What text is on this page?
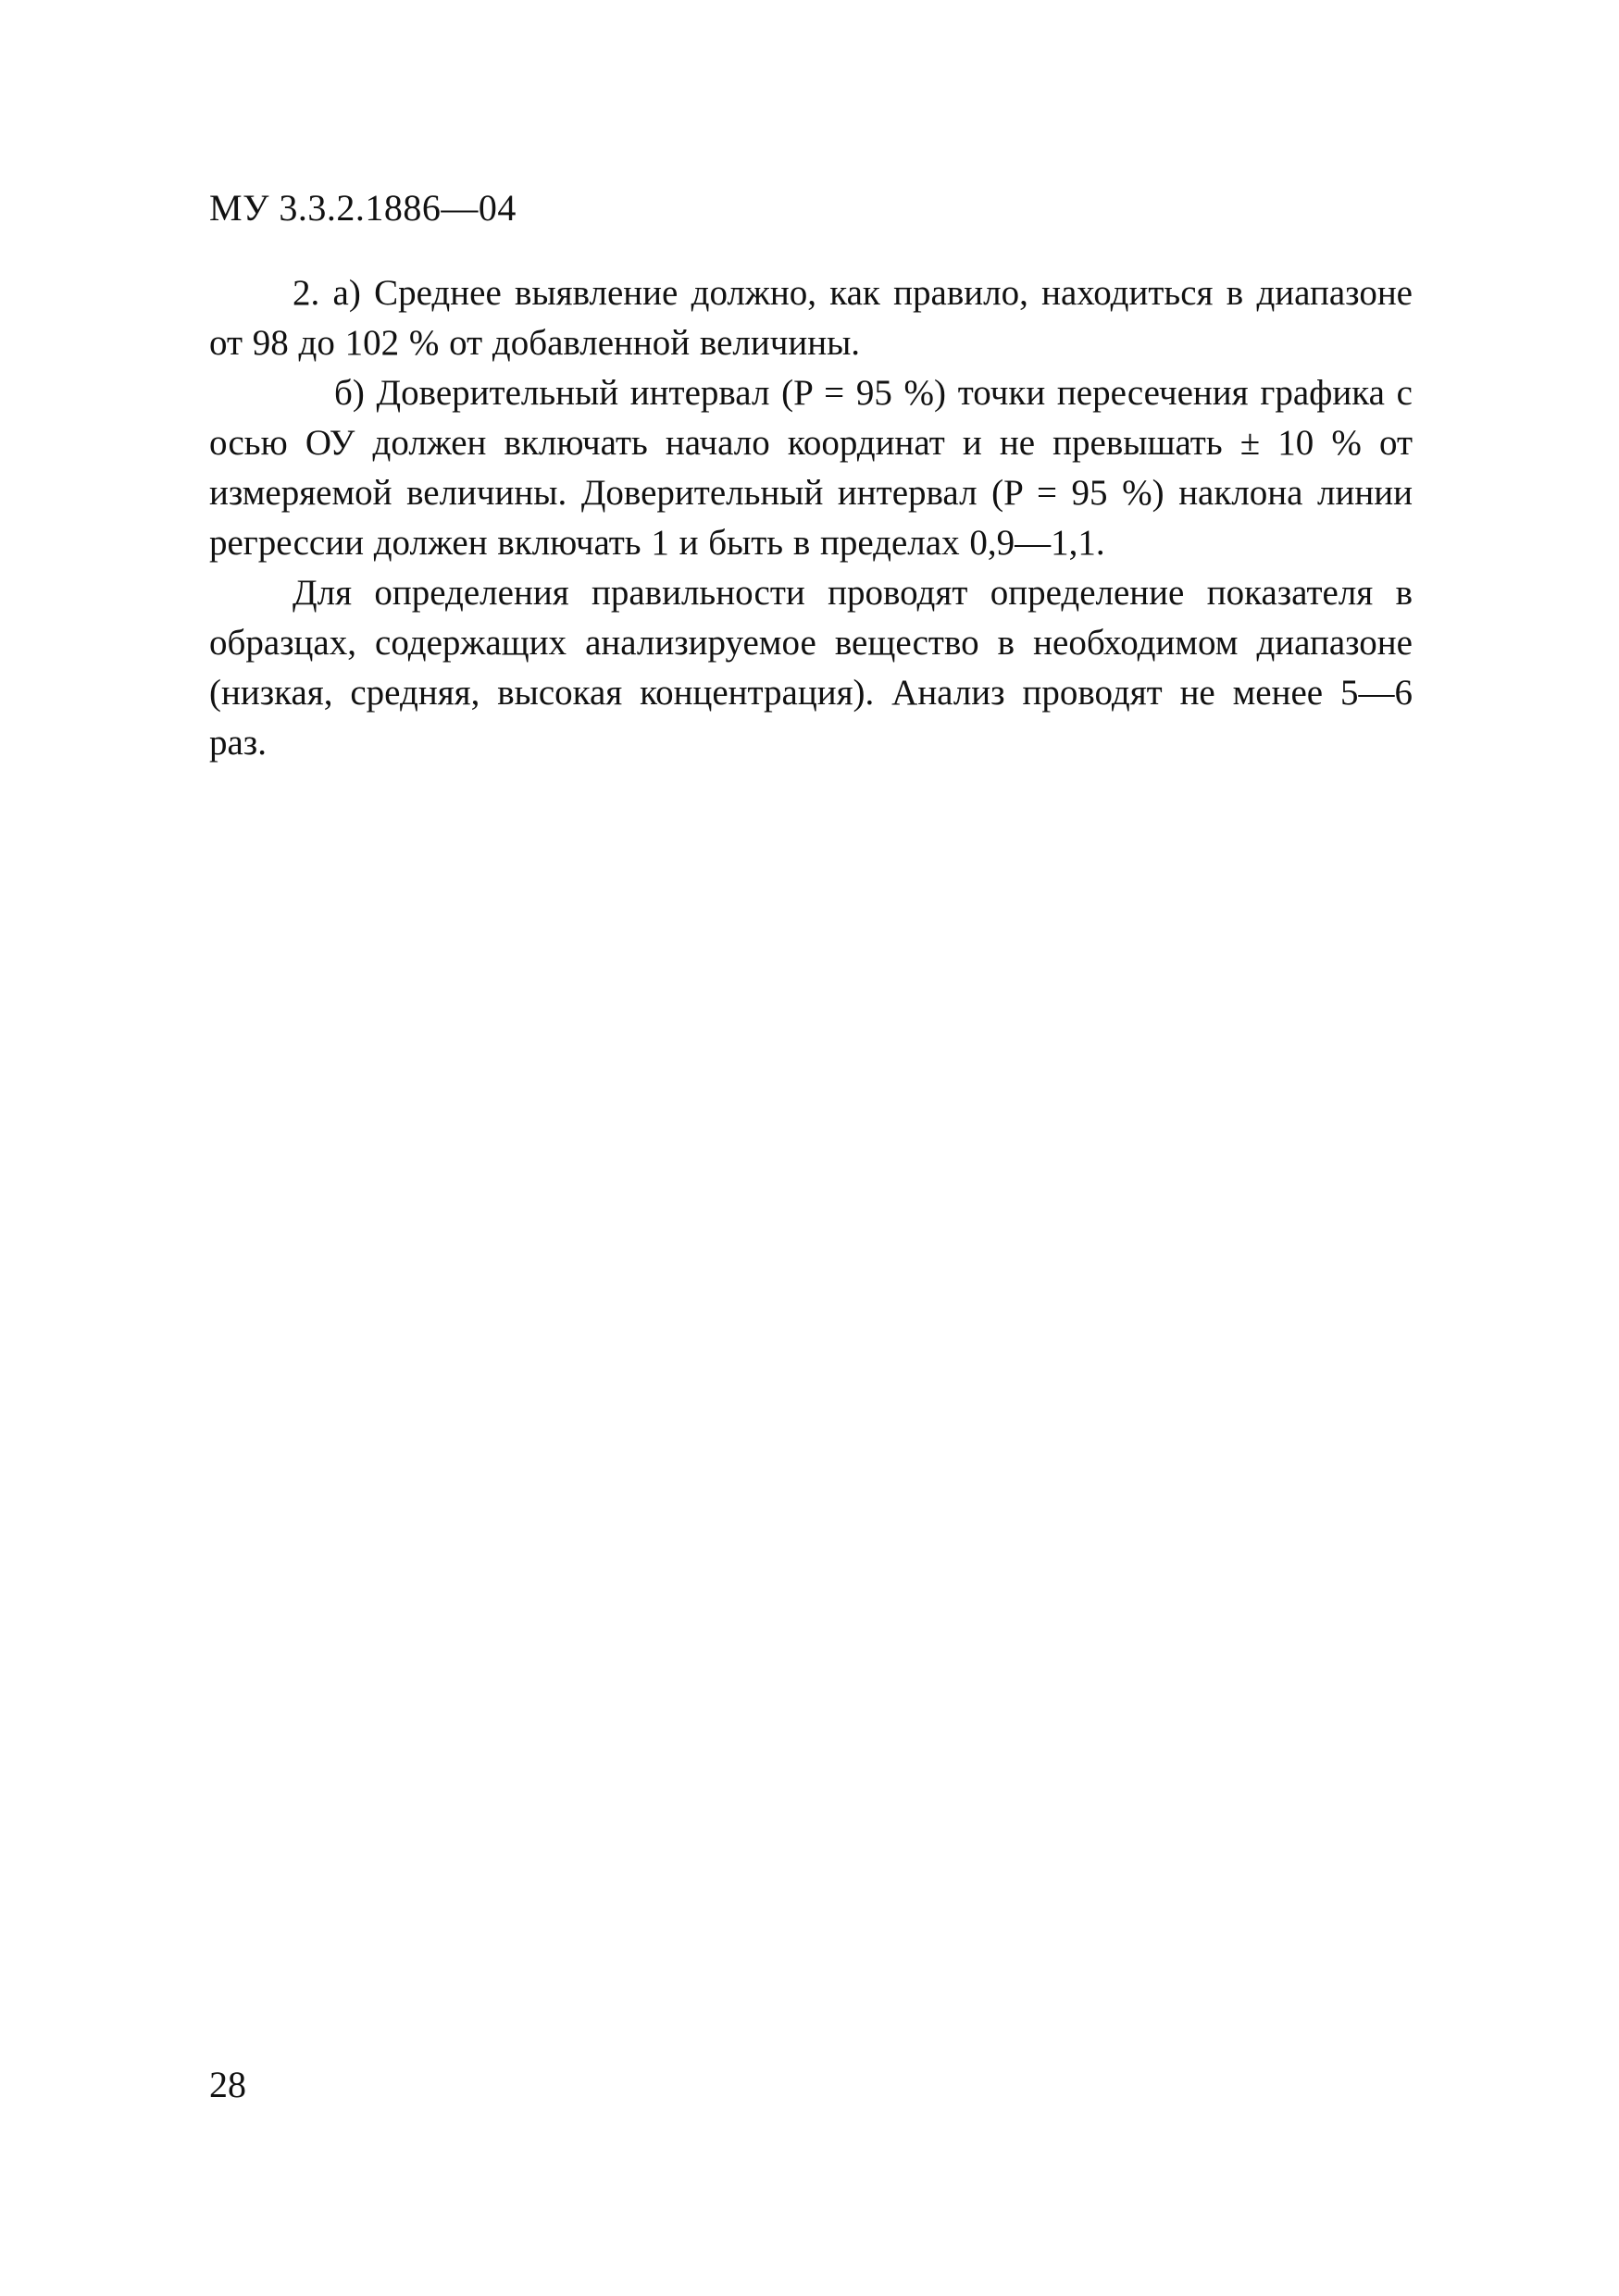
МУ 3.3.2.1886—04

2. а) Среднее выявление должно, как правило, находиться в диапазоне от 98 до 102 % от добавленной величины.

б) Доверительный интервал (P = 95 %) точки пересечения графика с осью ОУ должен включать начало координат и не превышать ± 10 % от измеряемой величины. Доверительный интервал (P = 95 %) наклона линии регрессии должен включать 1 и быть в пределах 0,9—1,1.

Для определения правильности проводят определение показателя в образцах, содержащих анализируемое вещество в необходимом диапазоне (низкая, средняя, высокая концентрация). Анализ проводят не менее 5—6 раз.

28
